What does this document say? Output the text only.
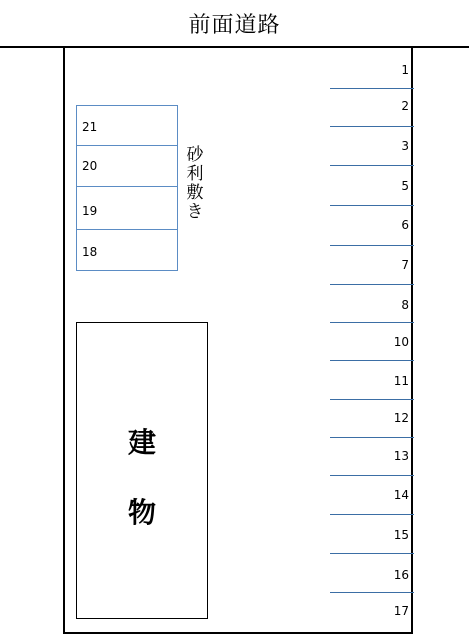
前面道路
1
2
3
5
6
7
8
10
11
12
13
14
15
16
17
21
20
19
18
砂
利
敷
き
建
物
